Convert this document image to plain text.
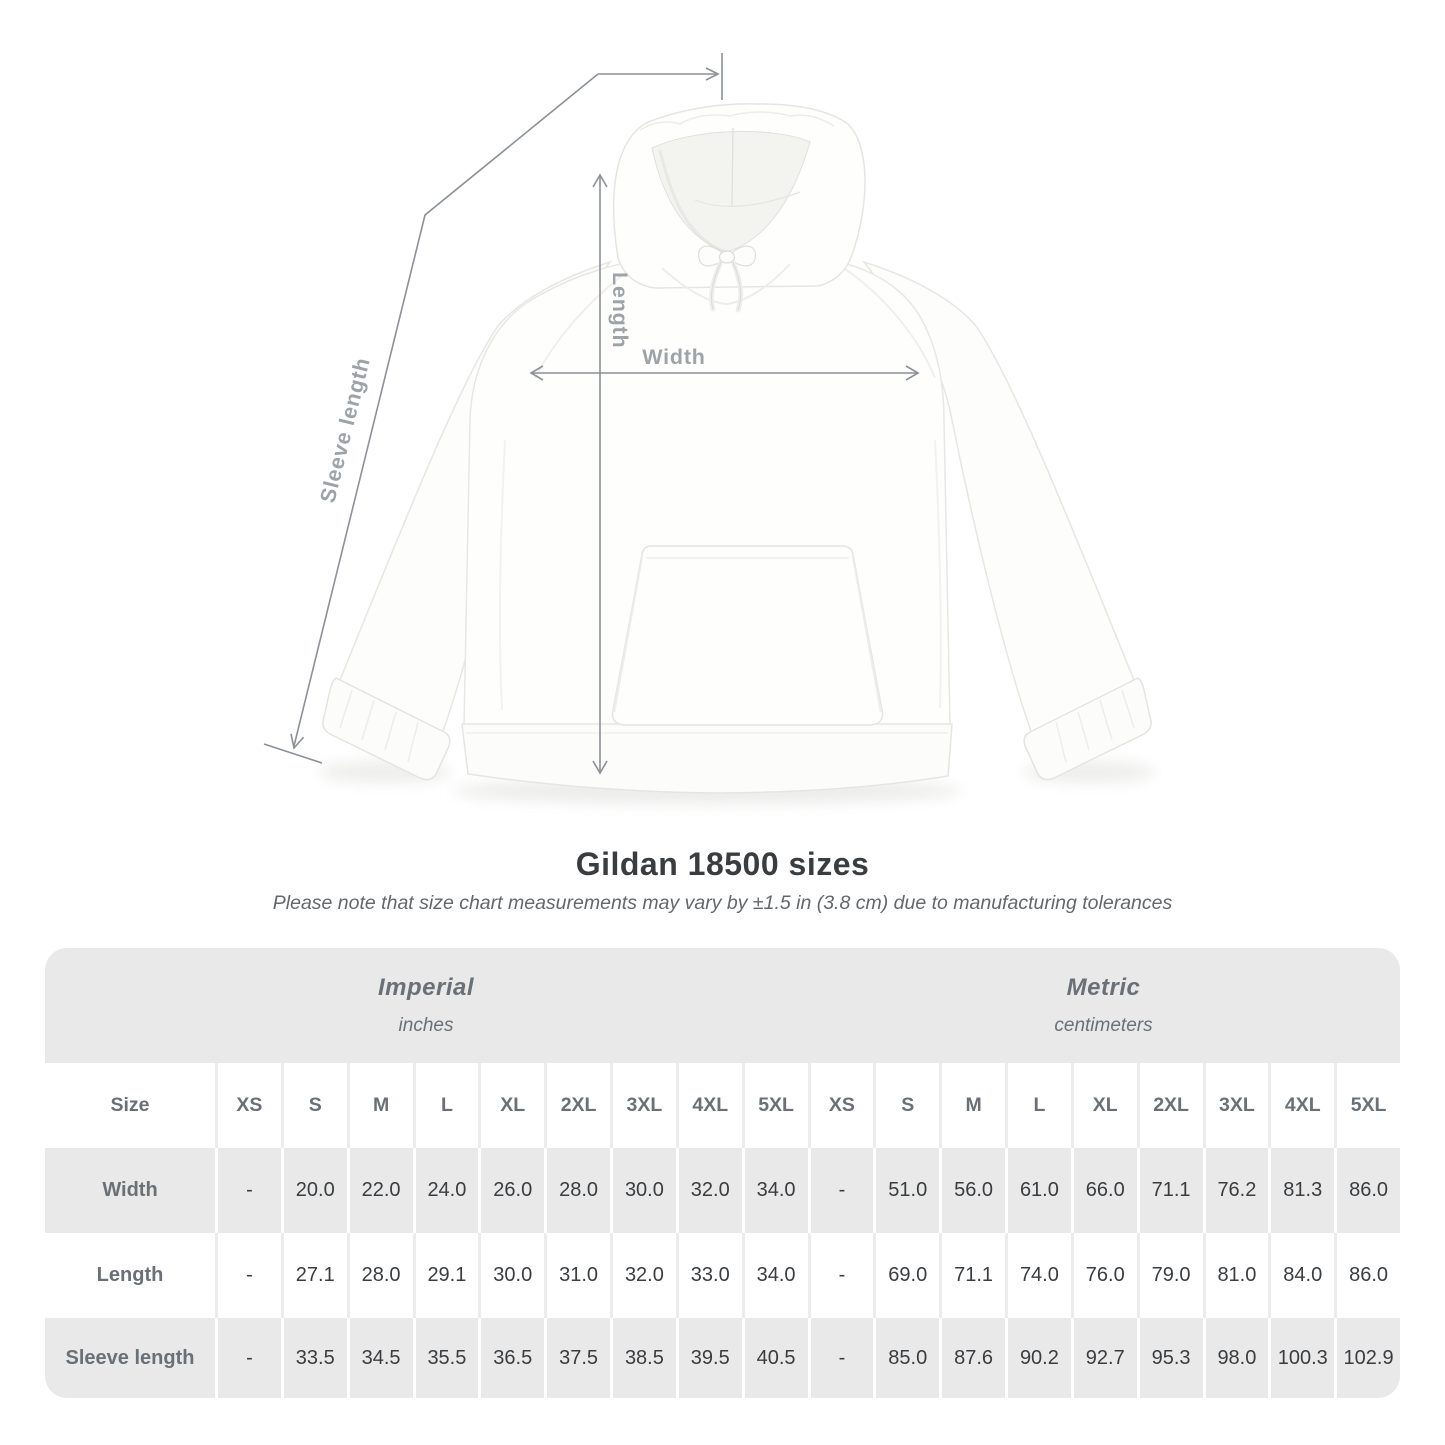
Length
Width
Sleeve length
Gildan 18500 sizes
Please note that size chart measurements may vary by ±1.5 in (3.8 cm) due to manufacturing tolerances
Imperial
inches
Metric
centimeters
Size	XS	S	M	L	XL	2XL	3XL	4XL	5XL	XS	S	M	L	XL	2XL	3XL	4XL	5XL
Width	-	20.0	22.0	24.0	26.0	28.0	30.0	32.0	34.0	-	51.0	56.0	61.0	66.0	71.1	76.2	81.3	86.0
Length	-	27.1	28.0	29.1	30.0	31.0	32.0	33.0	34.0	-	69.0	71.1	74.0	76.0	79.0	81.0	84.0	86.0
Sleeve length	-	33.5	34.5	35.5	36.5	37.5	38.5	39.5	40.5	-	85.0	87.6	90.2	92.7	95.3	98.0	100.3 102.9
